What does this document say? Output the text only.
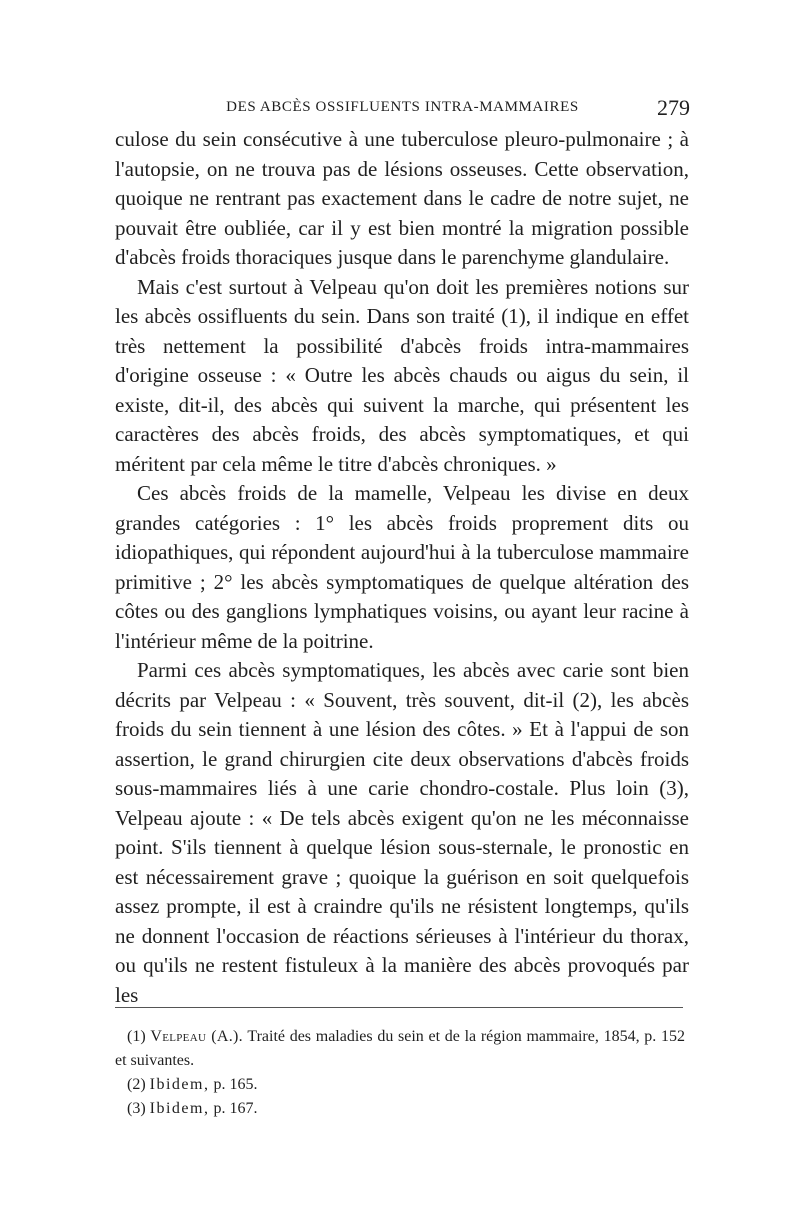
DES ABCÈS OSSIFLUENTS INTRA-MAMMAIRES	279

culose du sein consécutive à une tuberculose pleuro-pulmonaire ; à l'autopsie, on ne trouva pas de lésions osseuses. Cette observation, quoique ne rentrant pas exactement dans le cadre de notre sujet, ne pouvait être oubliée, car il y est bien montré la migration possible d'abcès froids thoraciques jusque dans le parenchyme glandulaire.

Mais c'est surtout à Velpeau qu'on doit les premières notions sur les abcès ossifluents du sein. Dans son traité (1), il indique en effet très nettement la possibilité d'abcès froids intra-mammaires d'origine osseuse : « Outre les abcès chauds ou aigus du sein, il existe, dit-il, des abcès qui suivent la marche, qui présentent les caractères des abcès froids, des abcès symptomatiques, et qui méritent par cela même le titre d'abcès chroniques. »

Ces abcès froids de la mamelle, Velpeau les divise en deux grandes catégories : 1° les abcès froids proprement dits ou idiopathiques, qui répondent aujourd'hui à la tuberculose mammaire primitive ; 2° les abcès symptomatiques de quelque altération des côtes ou des ganglions lymphatiques voisins, ou ayant leur racine à l'intérieur même de la poitrine.

Parmi ces abcès symptomatiques, les abcès avec carie sont bien décrits par Velpeau : « Souvent, très souvent, dit-il (2), les abcès froids du sein tiennent à une lésion des côtes. » Et à l'appui de son assertion, le grand chirurgien cite deux observations d'abcès froids sous-mammaires liés à une carie chondro-costale. Plus loin (3), Velpeau ajoute : « De tels abcès exigent qu'on ne les méconnaisse point. S'ils tiennent à quelque lésion sous-sternale, le pronostic en est nécessairement grave ; quoique la guérison en soit quelquefois assez prompte, il est à craindre qu'ils ne résistent longtemps, qu'ils ne donnent l'occasion de réactions sérieuses à l'intérieur du thorax, ou qu'ils ne restent fistuleux à la manière des abcès provoqués par les

(1) Velpeau (A.). Traité des maladies du sein et de la région mammaire, 1854, p. 152 et suivantes.

(2) Ibidem, p. 165.

(3) Ibidem, p. 167.
